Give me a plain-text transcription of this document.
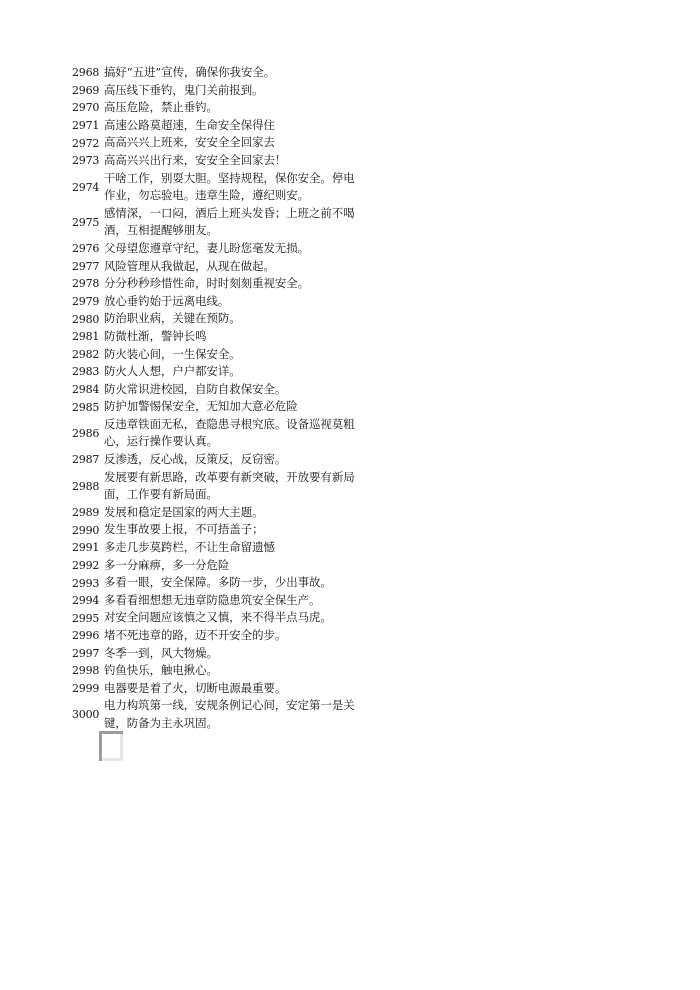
2968	搞好“五进”宣传，确保你我安全。
2969	高压线下垂钓，鬼门关前报到。
2970	高压危险，禁止垂钓。
2971	高速公路莫超速，生命安全保得住
2972	高高兴兴上班来，安安全全回家去
2973	高高兴兴出行来，安安全全回家去！
2974	干啥工作，别耍大胆。坚持规程，保你安全。停电作业，勿忘验电。违章生险，遵纪则安。
2975	感情深，一口闷，酒后上班头发昏；上班之前不喝酒，互相提醒够朋友。
2976	父母望您遵章守纪，妻儿盼您毫发无损。
2977	风险管理从我做起，从现在做起。
2978	分分秒秒珍惜性命，时时刻刻重视安全。
2979	放心垂钓始于远离电线。
2980	防治职业病，关键在预防。
2981	防微杜渐，警钟长鸣
2982	防火装心间，一生保安全。
2983	防火人人想，户户都安详。
2984	防火常识进校园，自防自救保安全。
2985	防护加警惕保安全，无知加大意必危险
2986	反违章铁面无私，查隐患寻根究底。设备巡视莫粗心，运行操作要认真。
2987	反渗透，反心战，反策反，反窃密。
2988	发展要有新思路，改革要有新突破，开放要有新局面，工作要有新局面。
2989	发展和稳定是国家的两大主题。
2990	发生事故要上报，不可捂盖子；
2991	多走几步莫跨栏，不让生命留遗憾
2992	多一分麻痹，多一分危险
2993	多看一眼，安全保障。多防一步，少出事故。
2994	多看看细想想无违章防隐患筑安全保生产。
2995	对安全问题应该慎之又慎，来不得半点马虎。
2996	堵不死违章的路，迈不开安全的步。
2997	冬季一到，风大物燥。
2998	钓鱼快乐，触电揪心。
2999	电器要是着了火，切断电源最重要。
3000	电力构筑第一线，安规条例记心间，安定第一是关键，防备为主永巩固。
